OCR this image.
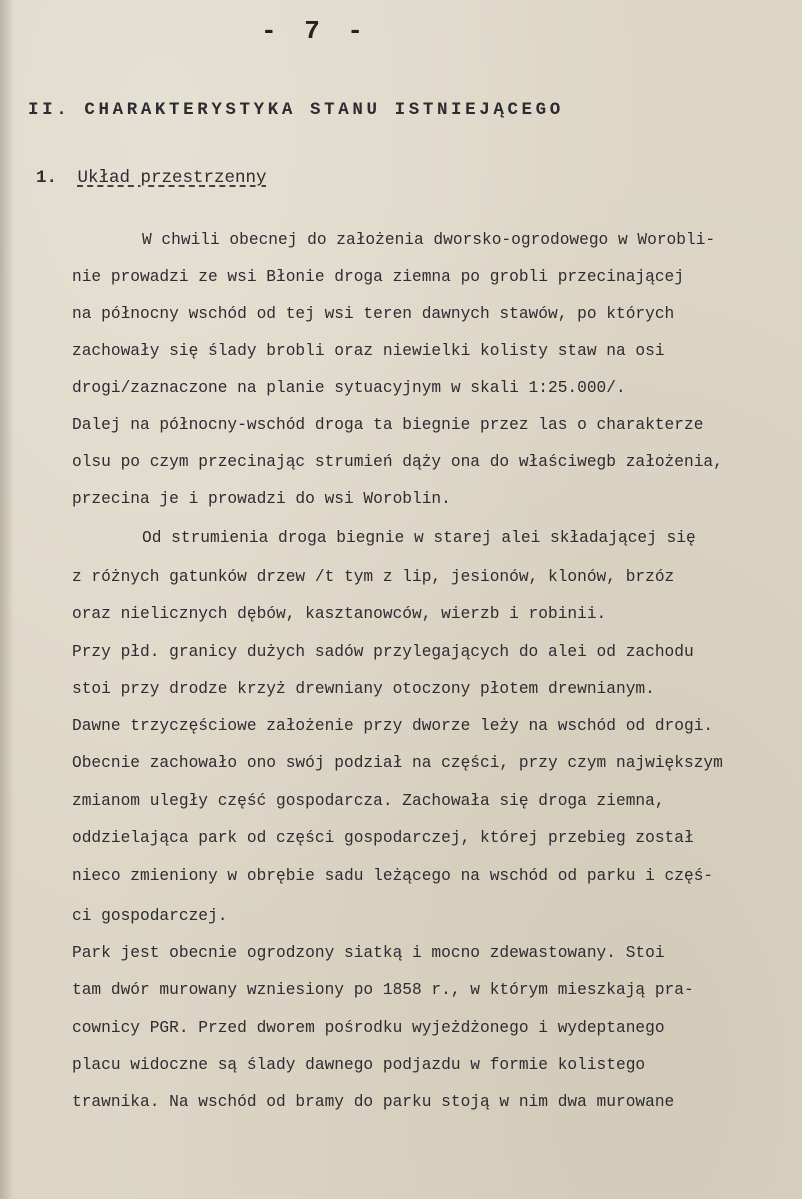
- 7 -
II. CHARAKTERYSTYKA STANU ISTNIEJĄCEGO
1. Układ przestrzenny
W chwili obecnej do założenia dworsko-ogrodowego w Worobli-
nie prowadzi ze wsi Błonie droga ziemna po grobli przecinającej
na północny wschód od tej wsi teren dawnych stawów, po których
zachowały się ślady brobli oraz niewielki kolisty staw na osi
drogi/zaznaczone na planie sytuacyjnym w skali 1:25.000/.
Dalej na północny-wschód droga ta biegnie przez las o charakterze
olsu po czym przecinając strumień dąży ona do właściwegb założenia,
przecina je i prowadzi do wsi Woroblin.
Od strumienia droga biegnie w starej alei składającej się
z różnych gatunków drzew /t tym z lip, jesionów, klonów, brzóz
oraz nielicznych dębów, kasztanowców, wierzb i robinii.
Przy płd. granicy dużych sadów przylegających do alei od zachodu
stoi przy drodze krzyż drewniany otoczony płotem drewnianym.
Dawne trzyczęściowe założenie przy dworze leży na wschód od drogi.
Obecnie zachowało ono swój podział na części, przy czym największym
zmianom uległy część gospodarcza. Zachowała się droga ziemna,
oddzielająca park od części gospodarczej, której przebieg został
nieco zmieniony w obrębie sadu leżącego na wschód od parku i częś-
ci gospodarczej.
Park jest obecnie ogrodzony siatką i mocno zdewastowany. Stoi
tam dwór murowany wzniesiony po 1858 r., w którym mieszkają pra-
cownicy PGR. Przed dworem pośrodku wyjeżdżonego i wydeptanego
placu widoczne są ślady dawnego podjazdu w formie kolistego
trawnika. Na wschód od bramy do parku stoją w nim dwa murowane
